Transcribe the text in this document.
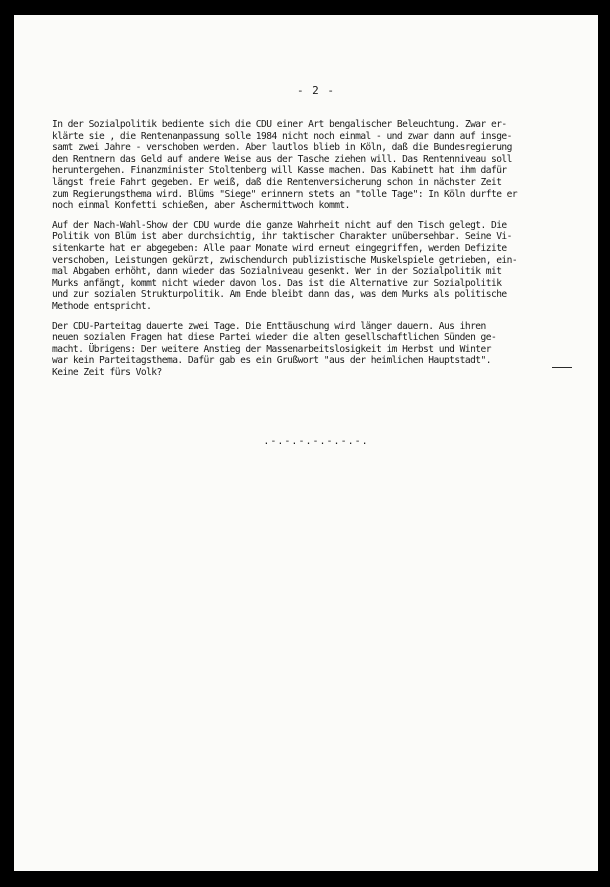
- 2 -

In der Sozialpolitik bediente sich die CDU einer Art bengalischer Beleuchtung. Zwar er-
klärte sie , die Rentenanpassung solle 1984 nicht noch einmal - und zwar dann auf insge-
samt zwei Jahre - verschoben werden. Aber lautlos blieb in Köln, daß die Bundesregierung
den Rentnern das Geld auf andere Weise aus der Tasche ziehen will. Das Rentenniveau soll
heruntergehen. Finanzminister Stoltenberg will Kasse machen. Das Kabinett hat ihm dafür
längst freie Fahrt gegeben. Er weiß, daß die Rentenversicherung schon in nächster Zeit
zum Regierungsthema wird. Blüms "Siege" erinnern stets an "tolle Tage": In Köln durfte er
noch einmal Konfetti schießen, aber Aschermittwoch kommt.

Auf der Nach-Wahl-Show der CDU wurde die ganze Wahrheit nicht auf den Tisch gelegt. Die
Politik von Blüm ist aber durchsichtig, ihr taktischer Charakter unübersehbar. Seine Vi-
sitenkarte hat er abgegeben: Alle paar Monate wird erneut eingegriffen, werden Defizite
verschoben, Leistungen gekürzt, zwischendurch publizistische Muskelspiele getrieben, ein-
mal Abgaben erhöht, dann wieder das Sozialniveau gesenkt. Wer in der Sozialpolitik mit
Murks anfängt, kommt nicht wieder davon los. Das ist die Alternative zur Sozialpolitik
und zur sozialen Strukturpolitik. Am Ende bleibt dann das, was dem Murks als politische
Methode entspricht.

Der CDU-Parteitag dauerte zwei Tage. Die Enttäuschung wird länger dauern. Aus ihren
neuen sozialen Fragen hat diese Partei wieder die alten gesellschaftlichen Sünden ge-
macht. Übrigens: Der weitere Anstieg der Massenarbeitslosigkeit im Herbst und Winter
war kein Parteitagsthema. Dafür gab es ein Grußwort "aus der heimlichen Hauptstadt".
Keine Zeit fürs Volk?

.-.-.-.-.-.-.-.
